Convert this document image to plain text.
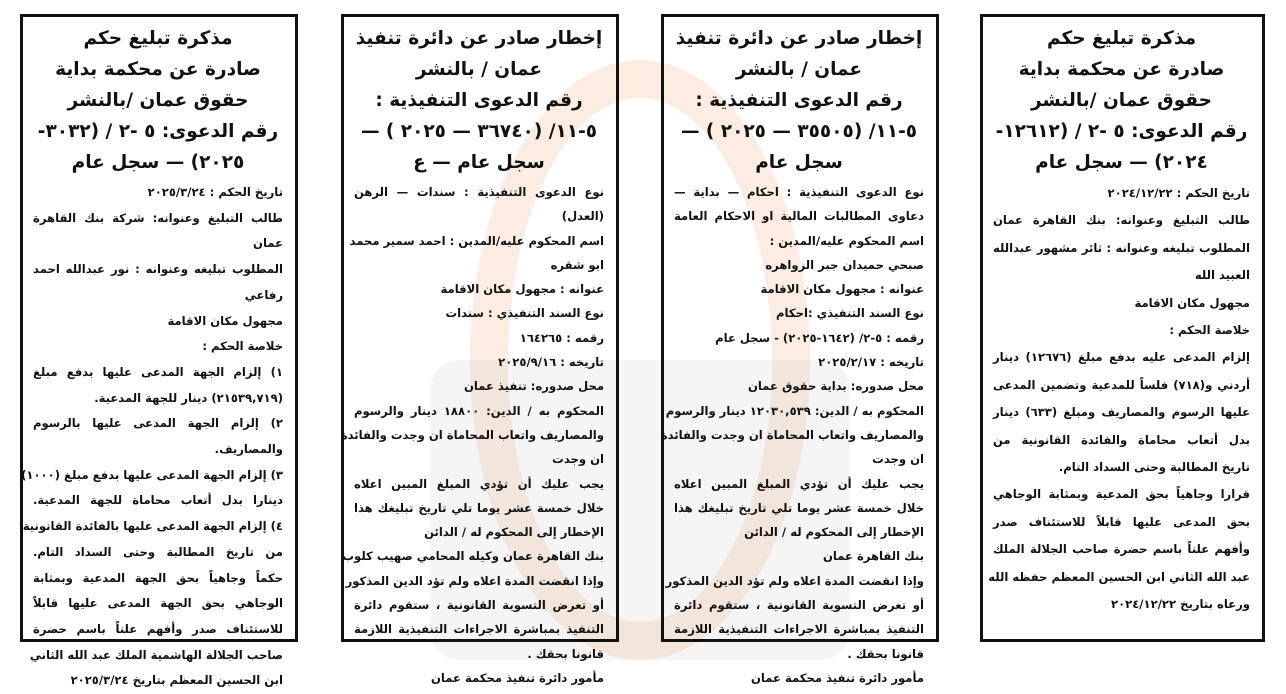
مذكرة تبليغ حكم
صادرة عن محكمة بداية
حقوق عمان /بالنشر
رقم الدعوى: ٥ -٢ / (١٢٦١٢-
٢٠٢٤) — سجل عام
تاريخ الحكم : ٢٠٢٤/١٢/٢٢
طالب التبليغ وعنوانه: بنك القاهرة عمان
المطلوب تبليغه وعنوانه : ثائر مشهور عبدالله
العبيد الله
مجهول مكان الاقامة
خلاصة الحكم :
إلزام المدعى عليه بدفع مبلغ (١٢٦٧٦) دينار
أردني و(٧١٨) فلساً للمدعية وتضمين المدعى
عليها الرسوم والمصاريف ومبلغ (٦٣٣) دينار
بدل أتعاب محاماة والفائدة القانونية من
تاريخ المطالبة وحتى السداد التام.
قرارا وجاهياً بحق المدعية وبمثابة الوجاهي
بحق المدعى عليها قابلاً للاستئناف صدر
وأفهم علناً باسم حضرة صاحب الجلالة الملك
عبد الله الثاني ابن الحسين المعظم حفظه الله
ورعاه بتاريخ ٢٠٢٤/١٢/٢٢
إخطار صادر عن دائرة تنفيذ
عمان / بالنشر
رقم الدعوى التنفيذية :
٥-١١/ (٣٥٥٠٥ — ٢٠٢٥ ) —
سجل عام
نوع الدعوى التنفيذية : احكام — بداية —
دعاوى المطالبات المالية او الاحكام العامة
اسم المحكوم عليه/المدين :
صبحي حميدان جبر الزواهره
عنوانه : مجهول مكان الاقامة
نوع السند التنفيذي :احكام
رقمه : ٥-٢/ (١٦٤٢-٢٠٢٥) - سجل عام
تاريخه : ٢٠٢٥/٢/١٧
محل صدوره: بداية حقوق عمان
المحكوم به / الدين: ١٢٠٣٠,٥٣٩ دينار والرسوم
والمصاريف واتعاب المحاماة ان وجدت والفائدة
ان وجدت
يجب عليك أن تؤدي المبلغ المبين اعلاه
خلال خمسة عشر يوما تلي تاريخ تبليغك هذا
الإخطار إلى المحكوم له / الدائن
بنك القاهرة عمان
وإذا انقضت المدة اعلاه ولم تؤد الدين المذكور
أو تعرض التسوية القانونية ، ستقوم دائرة
التنفيذ بمباشرة الاجراءات التنفيذية اللازمة
قانونا بحقك .
مأمور دائرة تنفيذ محكمة عمان
إخطار صادر عن دائرة تنفيذ
عمان / بالنشر
رقم الدعوى التنفيذية :
٥-١١/ (٣٦٧٤٠ — ٢٠٢٥ ) —
سجل عام — ع
نوع الدعوى التنفيذية : سندات — الرهن
(العدل)
اسم المحكوم عليه/المدين : احمد سمير محمد
ابو شقره
عنوانه : مجهول مكان الاقامة
نوع السند التنفيذي : سندات
رقمه : ١٦٤٢٦٥
تاريخه : ٢٠٢٥/٩/١٦
محل صدوره: تنفيذ عمان
المحكوم به / الدين: ١٨٨٠٠ دينار والرسوم
والمصاريف واتعاب المحاماة ان وجدت والفائدة
ان وجدت
يجب عليك أن تؤدي المبلغ المبين اعلاه
خلال خمسة عشر يوما تلي تاريخ تبليغك هذا
الإخطار إلى المحكوم له / الدائن
بنك القاهرة عمان وكيله المحامي صهيب كلوب
وإذا انقضت المدة اعلاه ولم تؤد الدين المذكور
أو تعرض التسوية القانونية ، ستقوم دائرة
التنفيذ بمباشرة الاجراءات التنفيذية اللازمة
قانونا بحقك .
مأمور دائرة تنفيذ محكمة عمان
مذكرة تبليغ حكم
صادرة عن محكمة بداية
حقوق عمان /بالنشر
رقم الدعوى: ٥ -٢ / (٣٠٣٢-
٢٠٢٥) — سجل عام
تاريخ الحكم : ٢٠٢٥/٣/٢٤
طالب التبليغ وعنوانه: شركة بنك القاهرة
عمان
المطلوب تبليغه وعنوانه : نور عبدالله احمد
رفاعي
مجهول مكان الاقامة
خلاصة الحكم :
١) إلزام الجهة المدعى عليها بدفع مبلغ
(٢١٥٣٩,٧١٩) دينار للجهة المدعية.
٢) إلزام الجهة المدعى عليها بالرسوم
والمصاريف.
٣) إلزام الجهة المدعى عليها بدفع مبلغ (١٠٠٠)
دينارا بدل أتعاب محاماة للجهة المدعية.
٤) إلزام الجهة المدعى عليها بالفائدة القانونية
من تاريخ المطالبة وحتى السداد التام.
حكماً وجاهياً بحق الجهة المدعية وبمثابة
الوجاهي بحق الجهة المدعى عليها قابلاً
للاستئناف صدر وأفهم علناً باسم حضرة
صاحب الجلالة الهاشمية الملك عبد الله الثاني
ابن الحسين المعظم بتاريخ ٢٠٢٥/٣/٢٤
